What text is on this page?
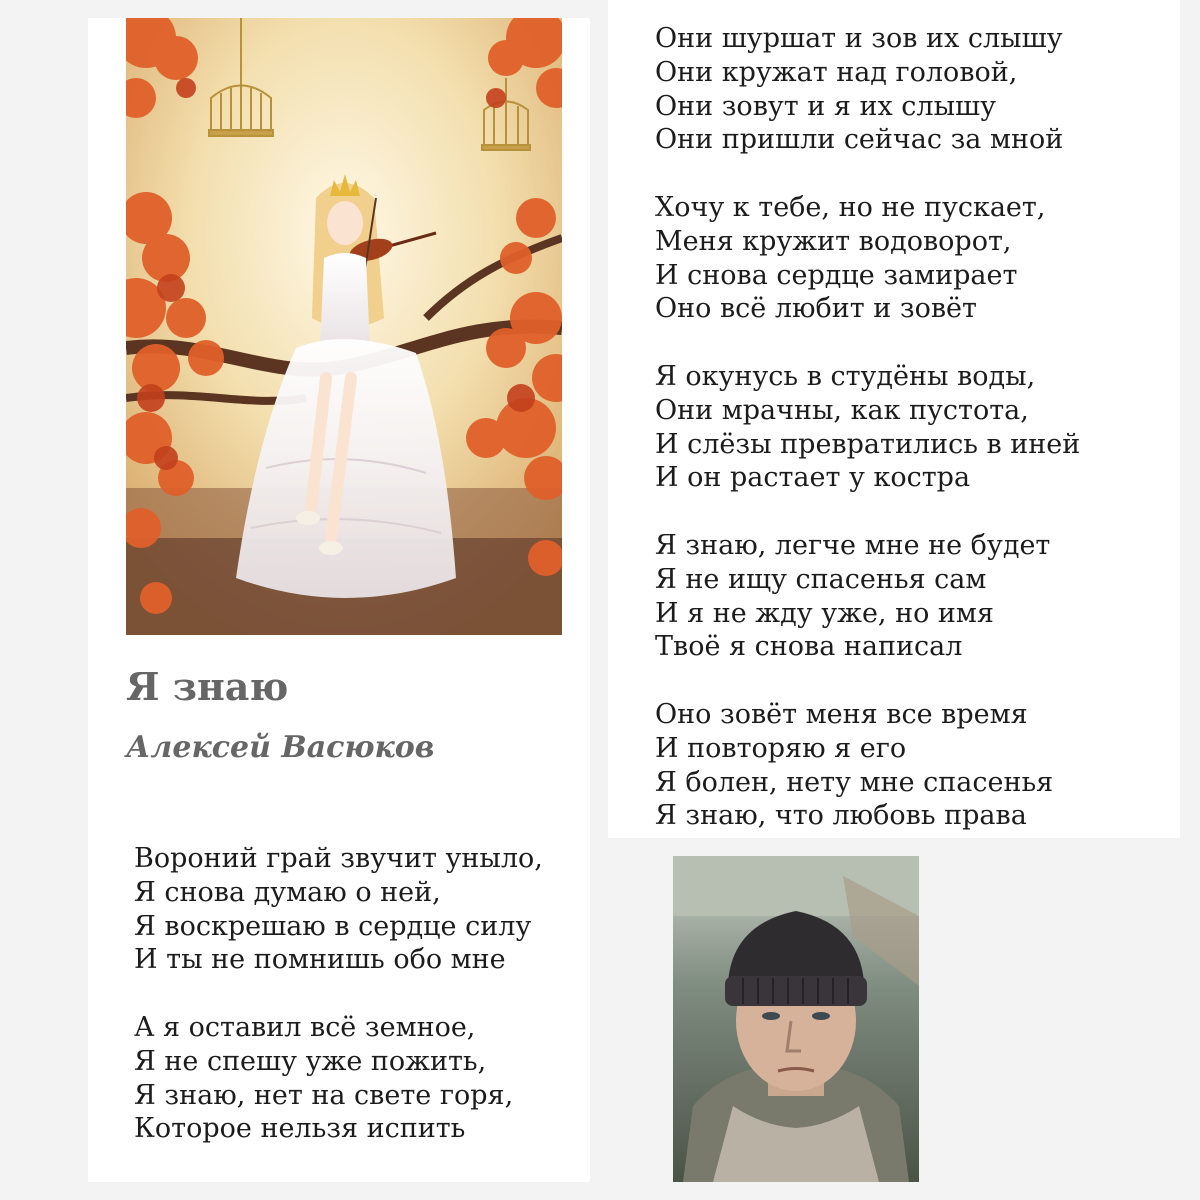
Я знаю
Алексей Васюков
Они шуршат и зов их слышу
Они кружат над головой,
Они зовут и я их слышу
Они пришли сейчас за мной
Хочу к тебе, но не пускает,
Меня кружит водоворот,
И снова сердце замирает
Оно всё любит и зовёт
Я окунусь в студёны воды,
Они мрачны, как пустота,
И слёзы превратились в иней
И он растает у костра
Я знаю, легче мне не будет
Я не ищу спасенья сам
И я не жду уже, но имя
Твоё я снова написал
Оно зовёт меня все время
И повторяю я его
Я болен, нету мне спасенья
Я знаю, что любовь права
Вороний грай звучит уныло,
Я снова думаю о ней,
Я воскрешаю в сердце силу
И ты не помнишь обо мне
А я оставил всё земное,
Я не спешу уже пожить,
Я знаю, нет на свете горя,
Которое нельзя испить
